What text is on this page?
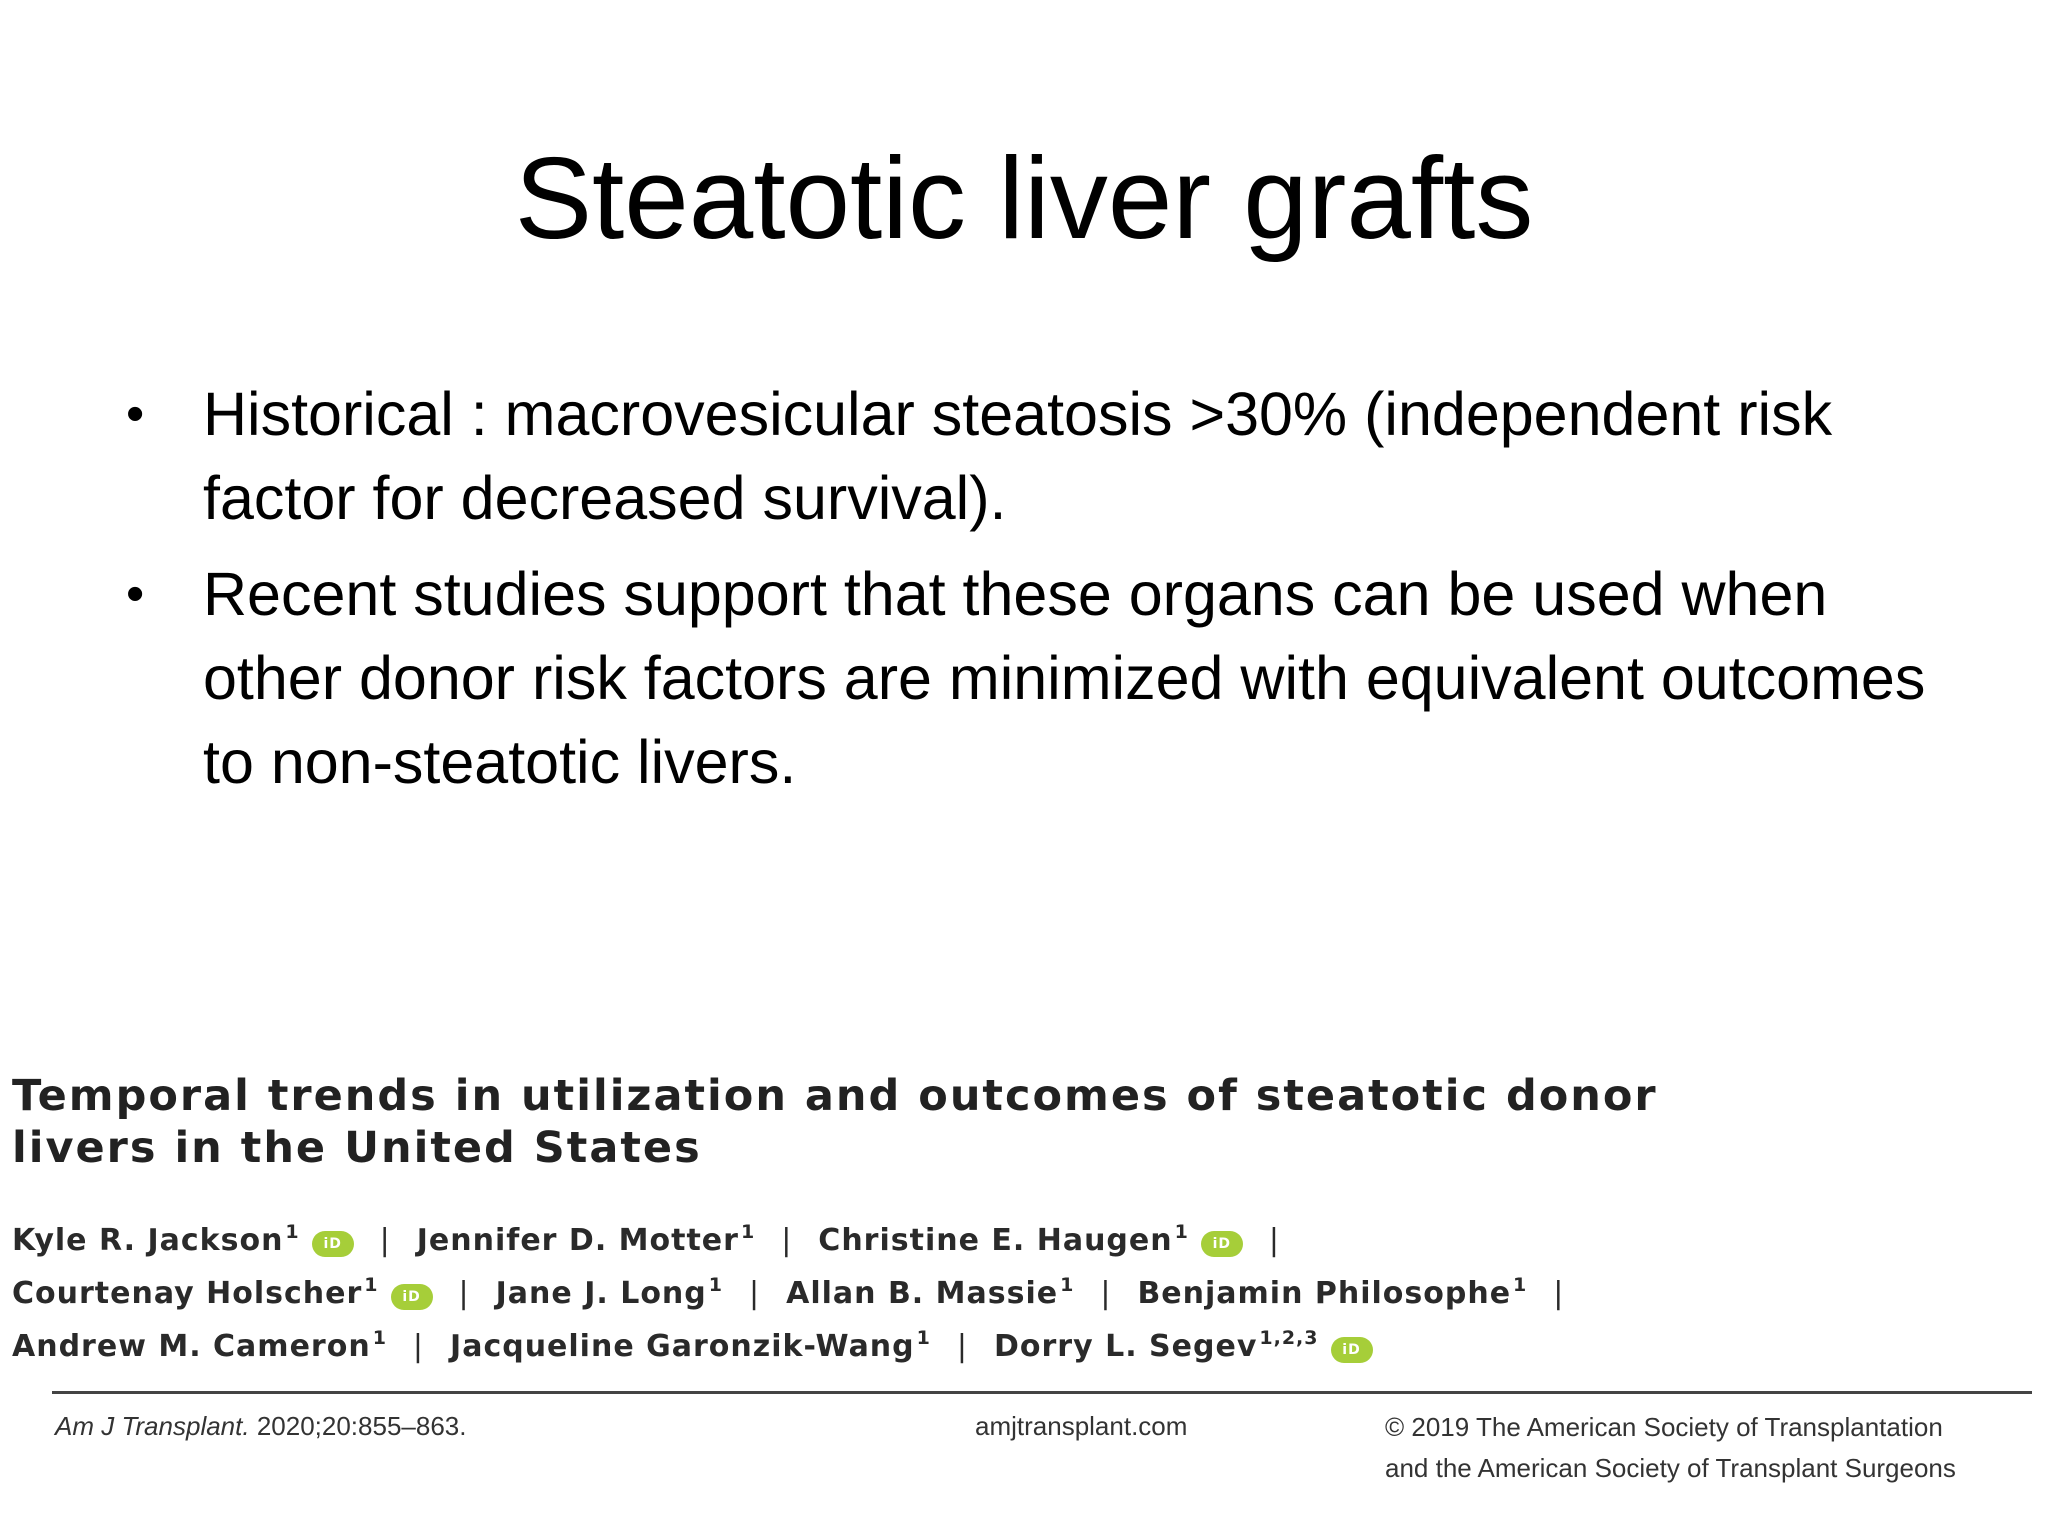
Steatotic liver grafts
• Historical : macrovesicular steatosis >30% (independent risk factor for decreased survival).
• Recent studies support that these organs can be used when other donor risk factors are minimized with equivalent outcomes to non-steatotic livers.
Temporal trends in utilization and outcomes of steatotic donor
livers in the United States
Kyle R. Jackson $^1$iD | Jennifer D. Motter $^1$ | Christine E. Haugen $^1$iD |
Courtenay Holscher $^1$iD | Jane J. Long $^1$ | Allan B. Massie $^1$ | Benjamin Philosophe $^1$ |
Andrew M. Cameron $^1$ | Jacqueline Garonzik-Wang $^1$ | Dorry L. Segev $^{1,2,3}$iD
Am J Transplant. 2020;20:855–863.	amjtransplant.com	© 2019 The American Society of Transplantation
and the American Society of Transplant Surgeons
